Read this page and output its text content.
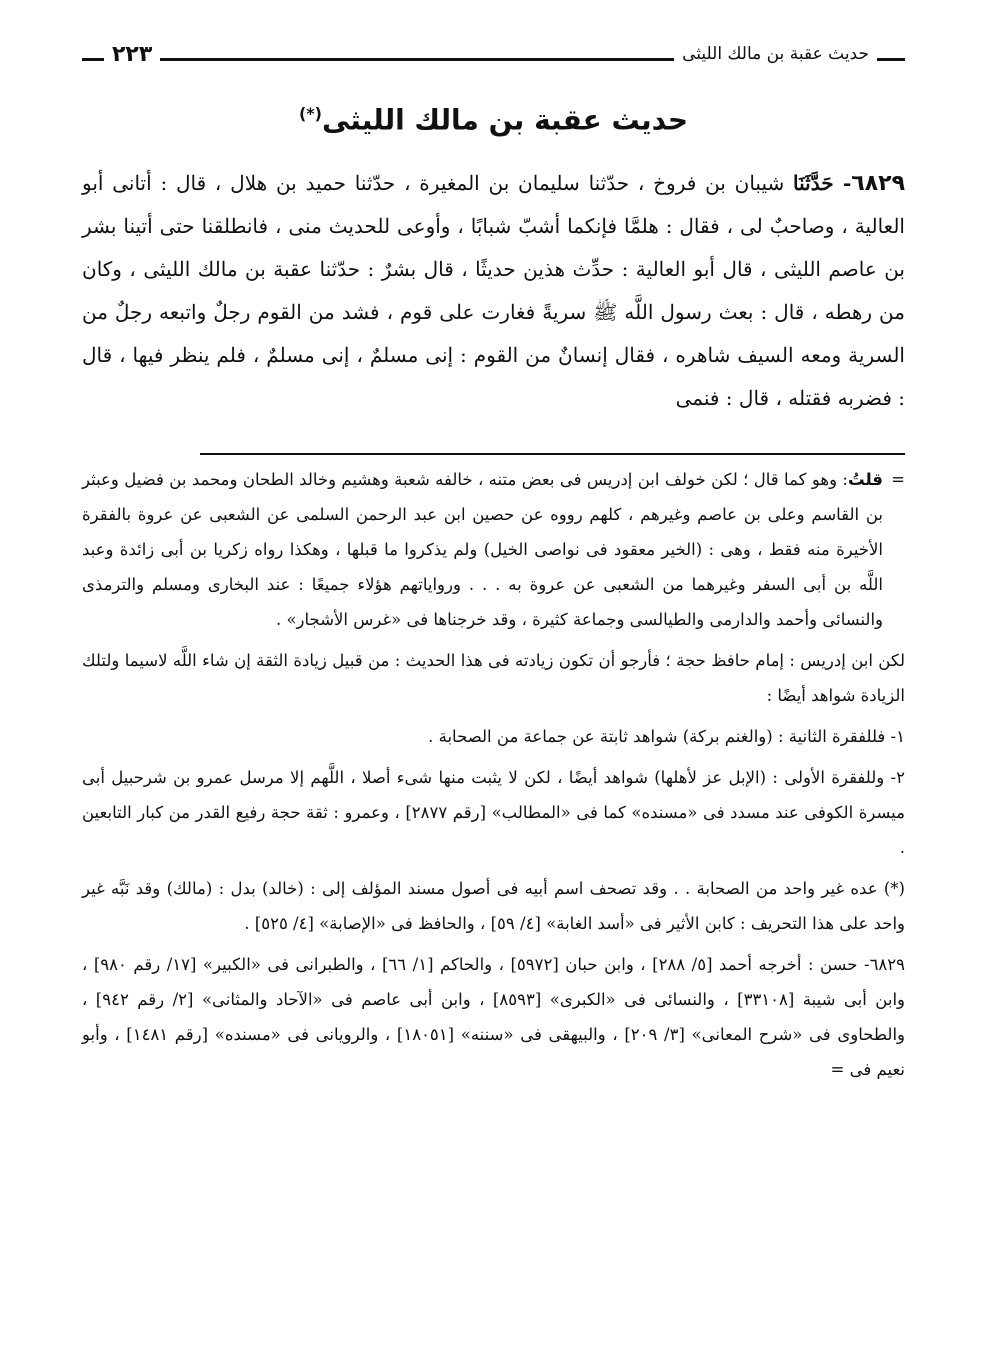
حديث عقبة بن مالك الليثى
٢٢٣
حديث عقبة بن مالك الليثى(*)
٦٨٢٩- حَدَّثَنَا شيبان بن فروخ ، حدّثنا سليمان بن المغيرة ، حدّثنا حميد بن هلال ، قال : أتانى أبو العالية ، وصاحبٌ لى ، فقال : هلمَّا فإنكما أشبّ شبابًا ، وأوعى للحديث منى ، فانطلقنا حتى أتينا بشر بن عاصم الليثى ، قال أبو العالية : حدِّث هذين حديثًا ، قال بشرٌ : حدّثنا عقبة بن مالك الليثى ، وكان من رهطه ، قال : بعث رسول اللَّه ﷺ سريةً فغارت على قوم ، فشد من القوم رجلٌ واتبعه رجلٌ من السرية ومعه السيف شاهره ، فقال إنسانٌ من القوم : إنى مسلمٌ ، إنى مسلمٌ ، فلم ينظر فيها ، قال : فضربه فقتله ، قال : فنمى

=
قلتُ: وهو كما قال ؛ لكن خولف ابن إدريس فى بعض متنه ، خالفه شعبة وهشيم وخالد الطحان ومحمد بن فضيل وعبثر بن القاسم وعلى بن عاصم وغيرهم ، كلهم رووه عن حصين ابن عبد الرحمن السلمى عن الشعبى عن عروة بالفقرة الأخيرة منه فقط ، وهى : (الخير معقود فى نواصى الخيل) ولم يذكروا ما قبلها ، وهكذا رواه زكريا بن أبى زائدة وعبد اللَّه بن أبى السفر وغيرهما من الشعبى عن عروة به . . . ورواياتهم هؤلاء جميعًا : عند البخارى ومسلم والترمذى والنسائى وأحمد والدارمى والطيالسى وجماعة كثيرة ، وقد خرجناها فى «غرس الأشجار» .

لكن ابن إدريس : إمام حافظ حجة ؛ فأرجو أن تكون زيادته فى هذا الحديث : من قبيل زيادة الثقة إن شاء اللَّه لاسيما ولتلك الزيادة شواهد أيضًا :

١- فللفقرة الثانية : (والغنم بركة) شواهد ثابتة عن جماعة من الصحابة .

٢- وللفقرة الأولى : (الإبل عز لأهلها) شواهد أيضًا ، لكن لا يثبت منها شىء أصلا ، اللَّهم إلا مرسل عمرو بن شرحبيل أبى ميسرة الكوفى عند مسدد فى «مسنده» كما فى «المطالب» [رقم ٢٨٧٧] ، وعمرو : ثقة حجة رفيع القدر من كبار التابعين .

(*) عده غير واحد من الصحابة . . وقد تصحف اسم أبيه فى أصول مسند المؤلف إلى : (خالد) بدل : (مالك) وقد نَبَّه غير واحد على هذا التحريف : كابن الأثير فى «أسد الغابة» [٤/ ٥٩] ، والحافظ فى «الإصابة» [٤/ ٥٢٥] .

٦٨٢٩- حسن : أخرجه أحمد [٥/ ٢٨٨] ، وابن حبان [٥٩٧٢] ، والحاكم [١/ ٦٦] ، والطبرانى فى «الكبير» [١٧/ رقم ٩٨٠] ، وابن أبى شيبة [٣٣١٠٨] ، والنسائى فى «الكبرى» [٨٥٩٣] ، وابن أبى عاصم فى «الآحاد والمثانى» [٢/ رقم ٩٤٢] ، والطحاوى فى «شرح المعانى» [٣/ ٢٠٩] ، والبيهقى فى «سننه» [١٨٠٥١] ، والرويانى فى «مسنده» [رقم ١٤٨١] ، وأبو نعيم فى =
